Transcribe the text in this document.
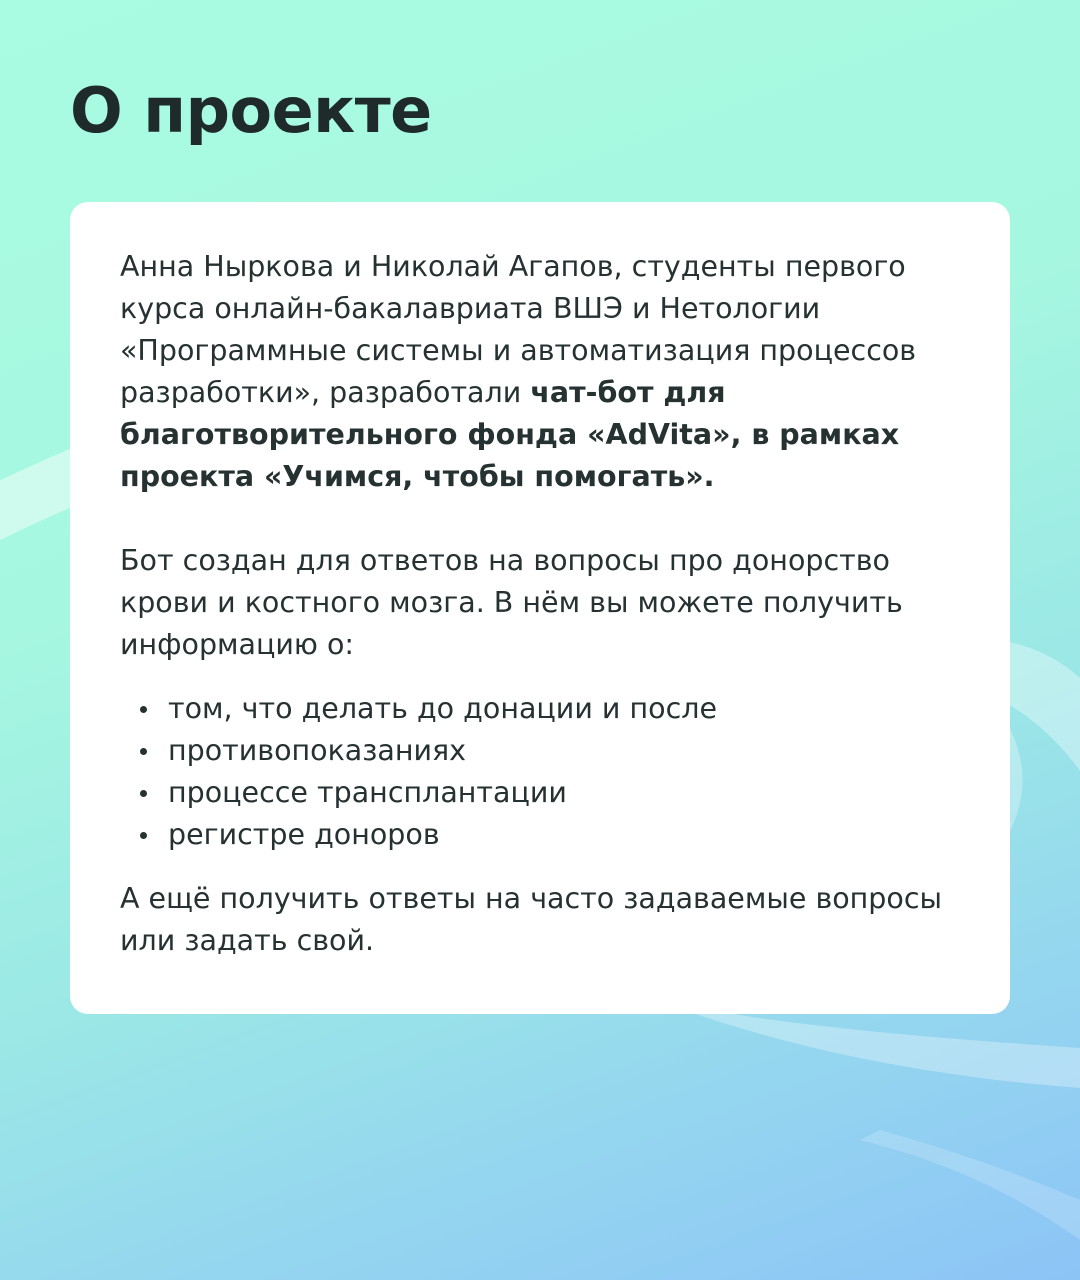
О проекте

Анна Ныркова и Николай Агапов, студенты первого курса онлайн-бакалавриата ВШЭ и Нетологии «Программные системы и автоматизация процессов разработки», разработали чат-бот для благотворительного фонда «AdVita», в рамках проекта «Учимся, чтобы помогать».

Бот создан для ответов на вопросы про донорство крови и костного мозга. В нём вы можете получить информацию о:

том, что делать до донации и после
противопоказаниях
процессе трансплантации
регистре доноров

А ещё получить ответы на часто задаваемые вопросы или задать свой.
